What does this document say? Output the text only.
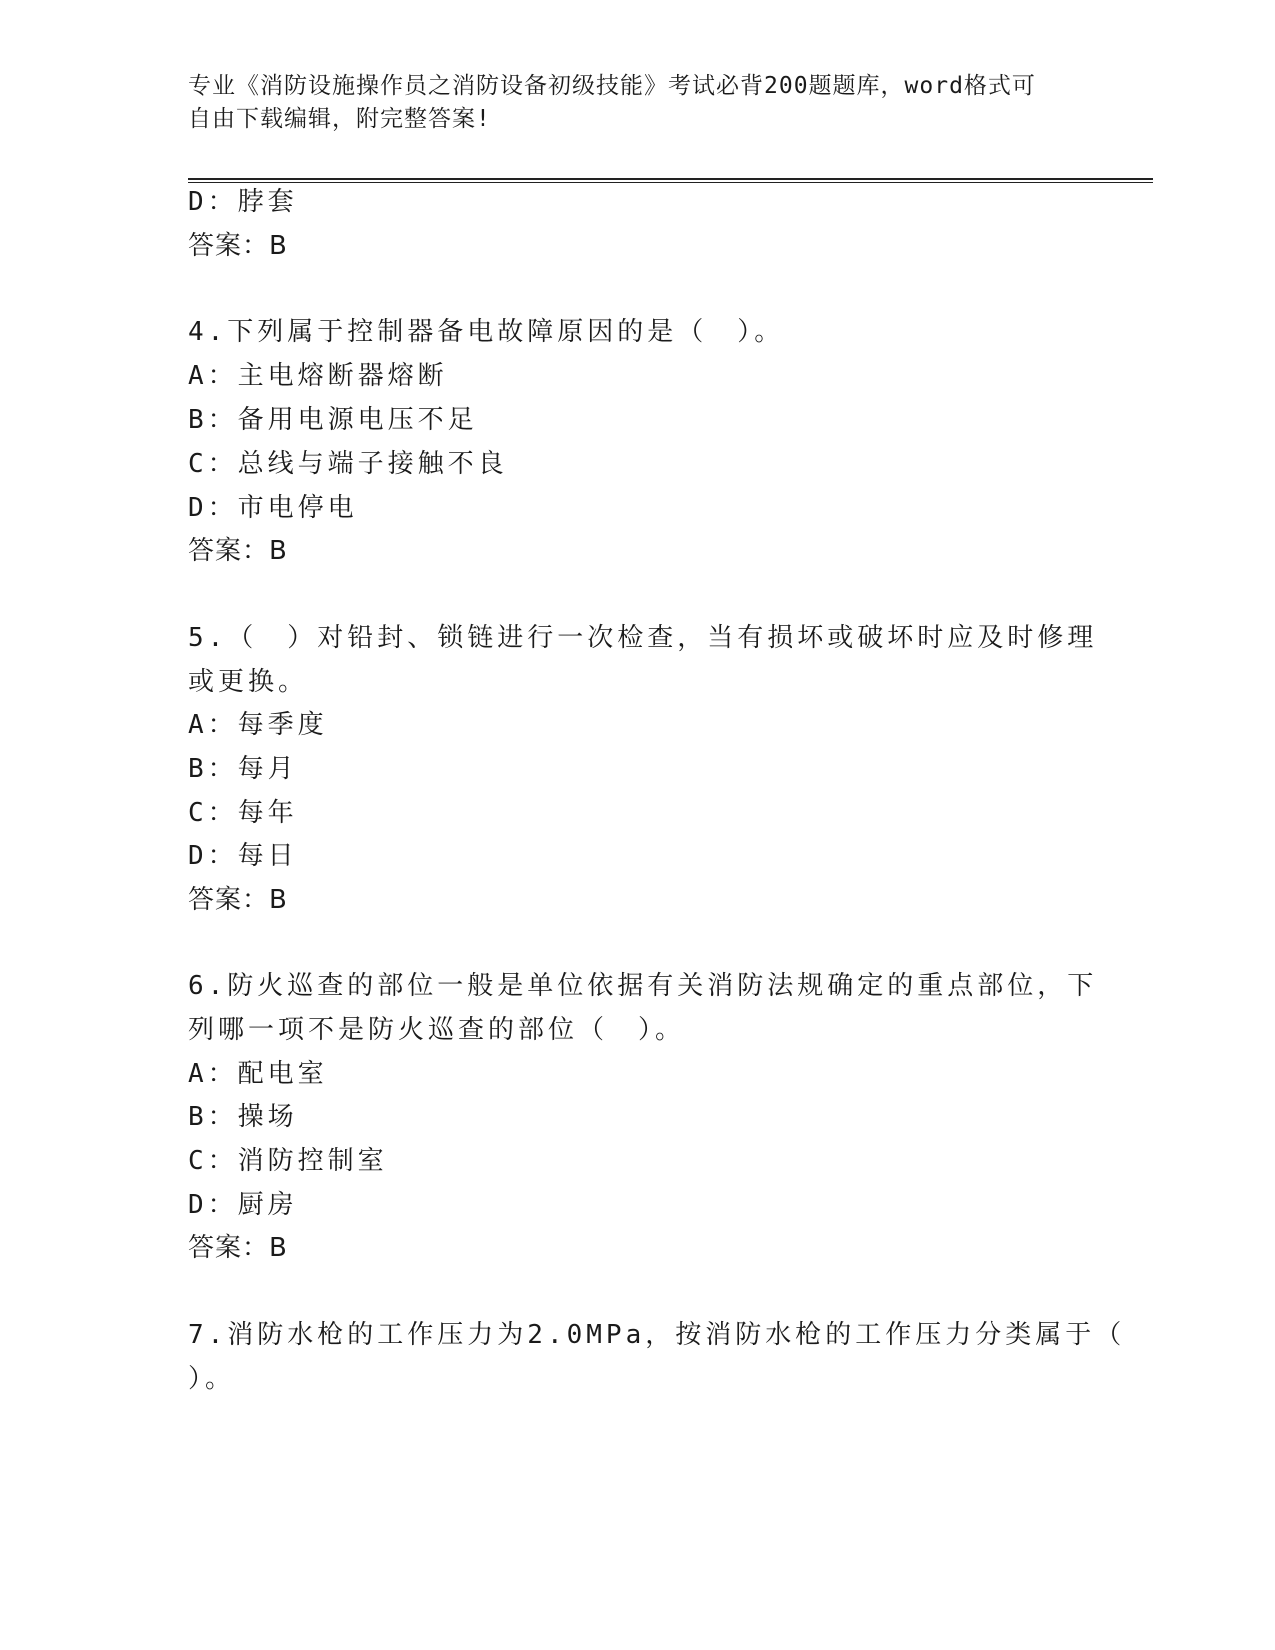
专业《消防设施操作员之消防设备初级技能》考试必背200题题库，word格式可
自由下载编辑，附完整答案!
D：脖套
答案：B
4.下列属于控制器备电故障原因的是（　）。
A：主电熔断器熔断
B：备用电源电压不足
C：总线与端子接触不良
D：市电停电
答案：B
5.（　）对铅封、锁链进行一次检查，当有损坏或破坏时应及时修理
或更换。
A：每季度
B：每月
C：每年
D：每日
答案：B
6.防火巡查的部位一般是单位依据有关消防法规确定的重点部位，下
列哪一项不是防火巡查的部位（　）。
A：配电室
B：操场
C：消防控制室
D：厨房
答案：B
7.消防水枪的工作压力为2.0MPa，按消防水枪的工作压力分类属于（
）。
